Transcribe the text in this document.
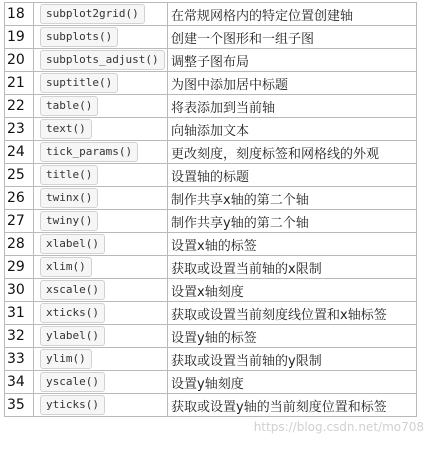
18	subplot2grid()	在常规网格内的特定位置创建轴
19	subplots()	创建一个图形和一组子图
20	subplots_adjust()	调整子图布局
21	suptitle()	为图中添加居中标题
22	table()	将表添加到当前轴
23	text()	向轴添加文本
24	tick_params()	更改刻度，刻度标签和网格线的外观
25	title()	设置轴的标题
26	twinx()	制作共享x轴的第二个轴
27	twiny()	制作共享y轴的第二个轴
28	xlabel()	设置x轴的标签
29	xlim()	获取或设置当前轴的x限制
30	xscale()	设置x轴刻度
31	xticks()	获取或设置当前刻度线位置和x轴标签
32	ylabel()	设置y轴的标签
33	ylim()	获取或设置当前轴的y限制
34	yscale()	设置y轴刻度
35	yticks()	获取或设置y轴的当前刻度位置和标签
https://blog.csdn.net/mo708
